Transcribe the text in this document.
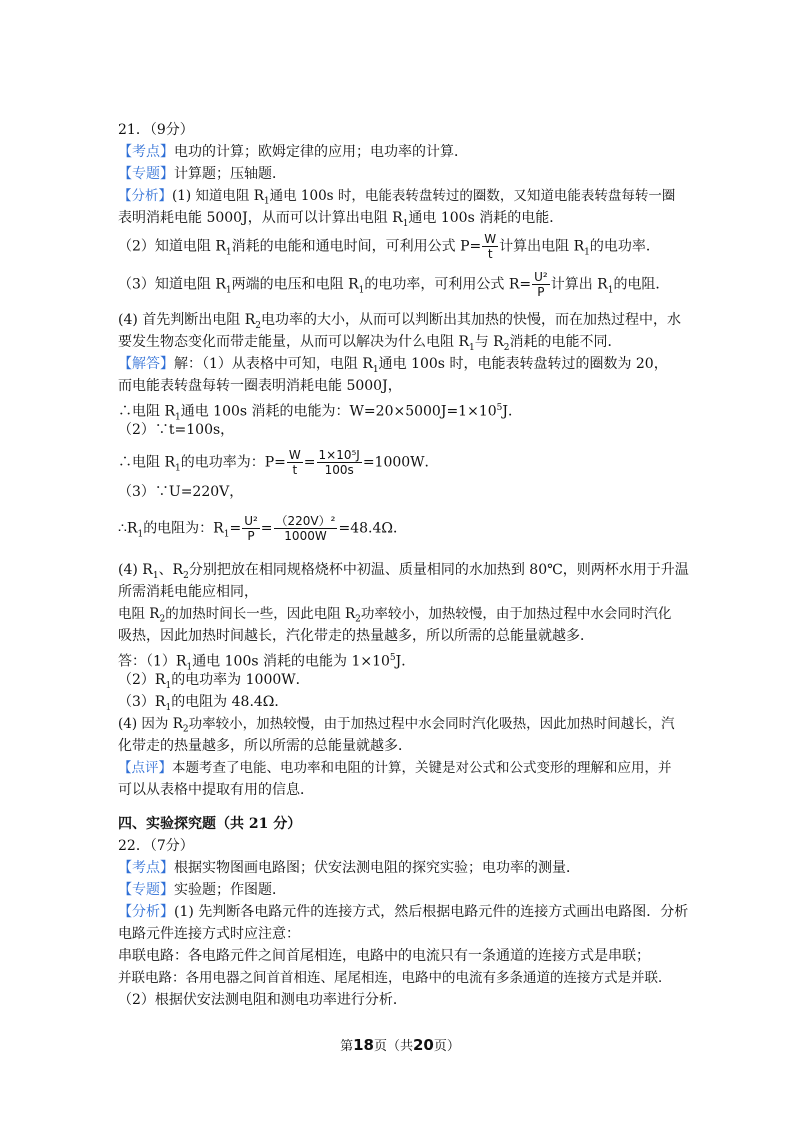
21．（9分）
【考点】电功的计算；欧姆定律的应用；电功率的计算．
【专题】计算题；压轴题．
【分析】(1) 知道电阻 $R_1$通电 100s 时，电能表转盘转过的圈数，又知道电能表转盘每转一圈
表明消耗电能 5000J，从而可以计算出电阻 $R_1$通电 100s 消耗的电能．
（2）知道电阻 $R_1$消耗的电能和通电时间，可利用公式 $P= \frac{W}{t}$ 计算出电阻 $R_1$的电功率．
（3）知道电阻 $R_1$两端的电压和电阻 $R_1$的电功率，可利用公式 $R= \frac{\text{U²}}{P}$ 计算出 $R_1$的电阻．
(4) 首先判断出电阻 $R_2$电功率的大小，从而可以判断出其加热的快慢，而在加热过程中，水
要发生物态变化而带走能量，从而可以解决为什么电阻 $R_1$与 $R_2$消耗的电能不同．
【解答】解：（1）从表格中可知，电阻 $R_1$通电 100s 时，电能表转盘转过的圈数为 20，
而电能表转盘每转一圈表明消耗电能 5000J，
∴电阻 $R_1$通电 100s 消耗的电能为：$W=20\times 5000J=1\times 10^5J$．
（2）∵t=100s，
∴电阻 $R_1$的电功率为：$P= \frac{W}{t} = \frac{\text{1×10⁵J}}{100s} =1000W$．
（3）∵U=220V，
$\therefore R_1$的电阻为：$R_1= \frac{\text{U²}}{P} = \frac{\text{（220V）²}}{1000W} =48.4\Omega$．
(4) $R_1$、$R_2$分别把放在相同规格烧杯中初温、质量相同的水加热到 80℃，则两杯水用于升温
所需消耗电能应相同，
电阻 $R_2$的加热时间长一些，因此电阻 $R_2$功率较小，加热较慢，由于加热过程中水会同时汽化
吸热，因此加热时间越长，汽化带走的热量越多，所以所需的总能量就越多．
答：$(1)R_1$通电 100s 消耗的电能为 $1\times 10^5J$．
$(2)R_1$的电功率为 1000W．
$(3)R_1$的电阻为 48.4Ω．
(4) 因为 $R_2$功率较小，加热较慢，由于加热过程中水会同时汽化吸热，因此加热时间越长，汽
化带走的热量越多，所以所需的总能量就越多．
【点评】本题考查了电能、电功率和电阻的计算，关键是对公式和公式变形的理解和应用，并
可以从表格中提取有用的信息．
四、实验探究题（共 21 分）
22．（7分）
【考点】根据实物图画电路图；伏安法测电阻的探究实验；电功率的测量．
【专题】实验题；作图题．
【分析】(1) 先判断各电路元件的连接方式，然后根据电路元件的连接方式画出电路图．分析
电路元件连接方式时应注意：
串联电路：各电路元件之间首尾相连，电路中的电流只有一条通道的连接方式是串联；
并联电路：各用电器之间首首相连、尾尾相连，电路中的电流有多条通道的连接方式是并联．
（2）根据伏安法测电阻和测电功率进行分析．
第18页（共20页）
